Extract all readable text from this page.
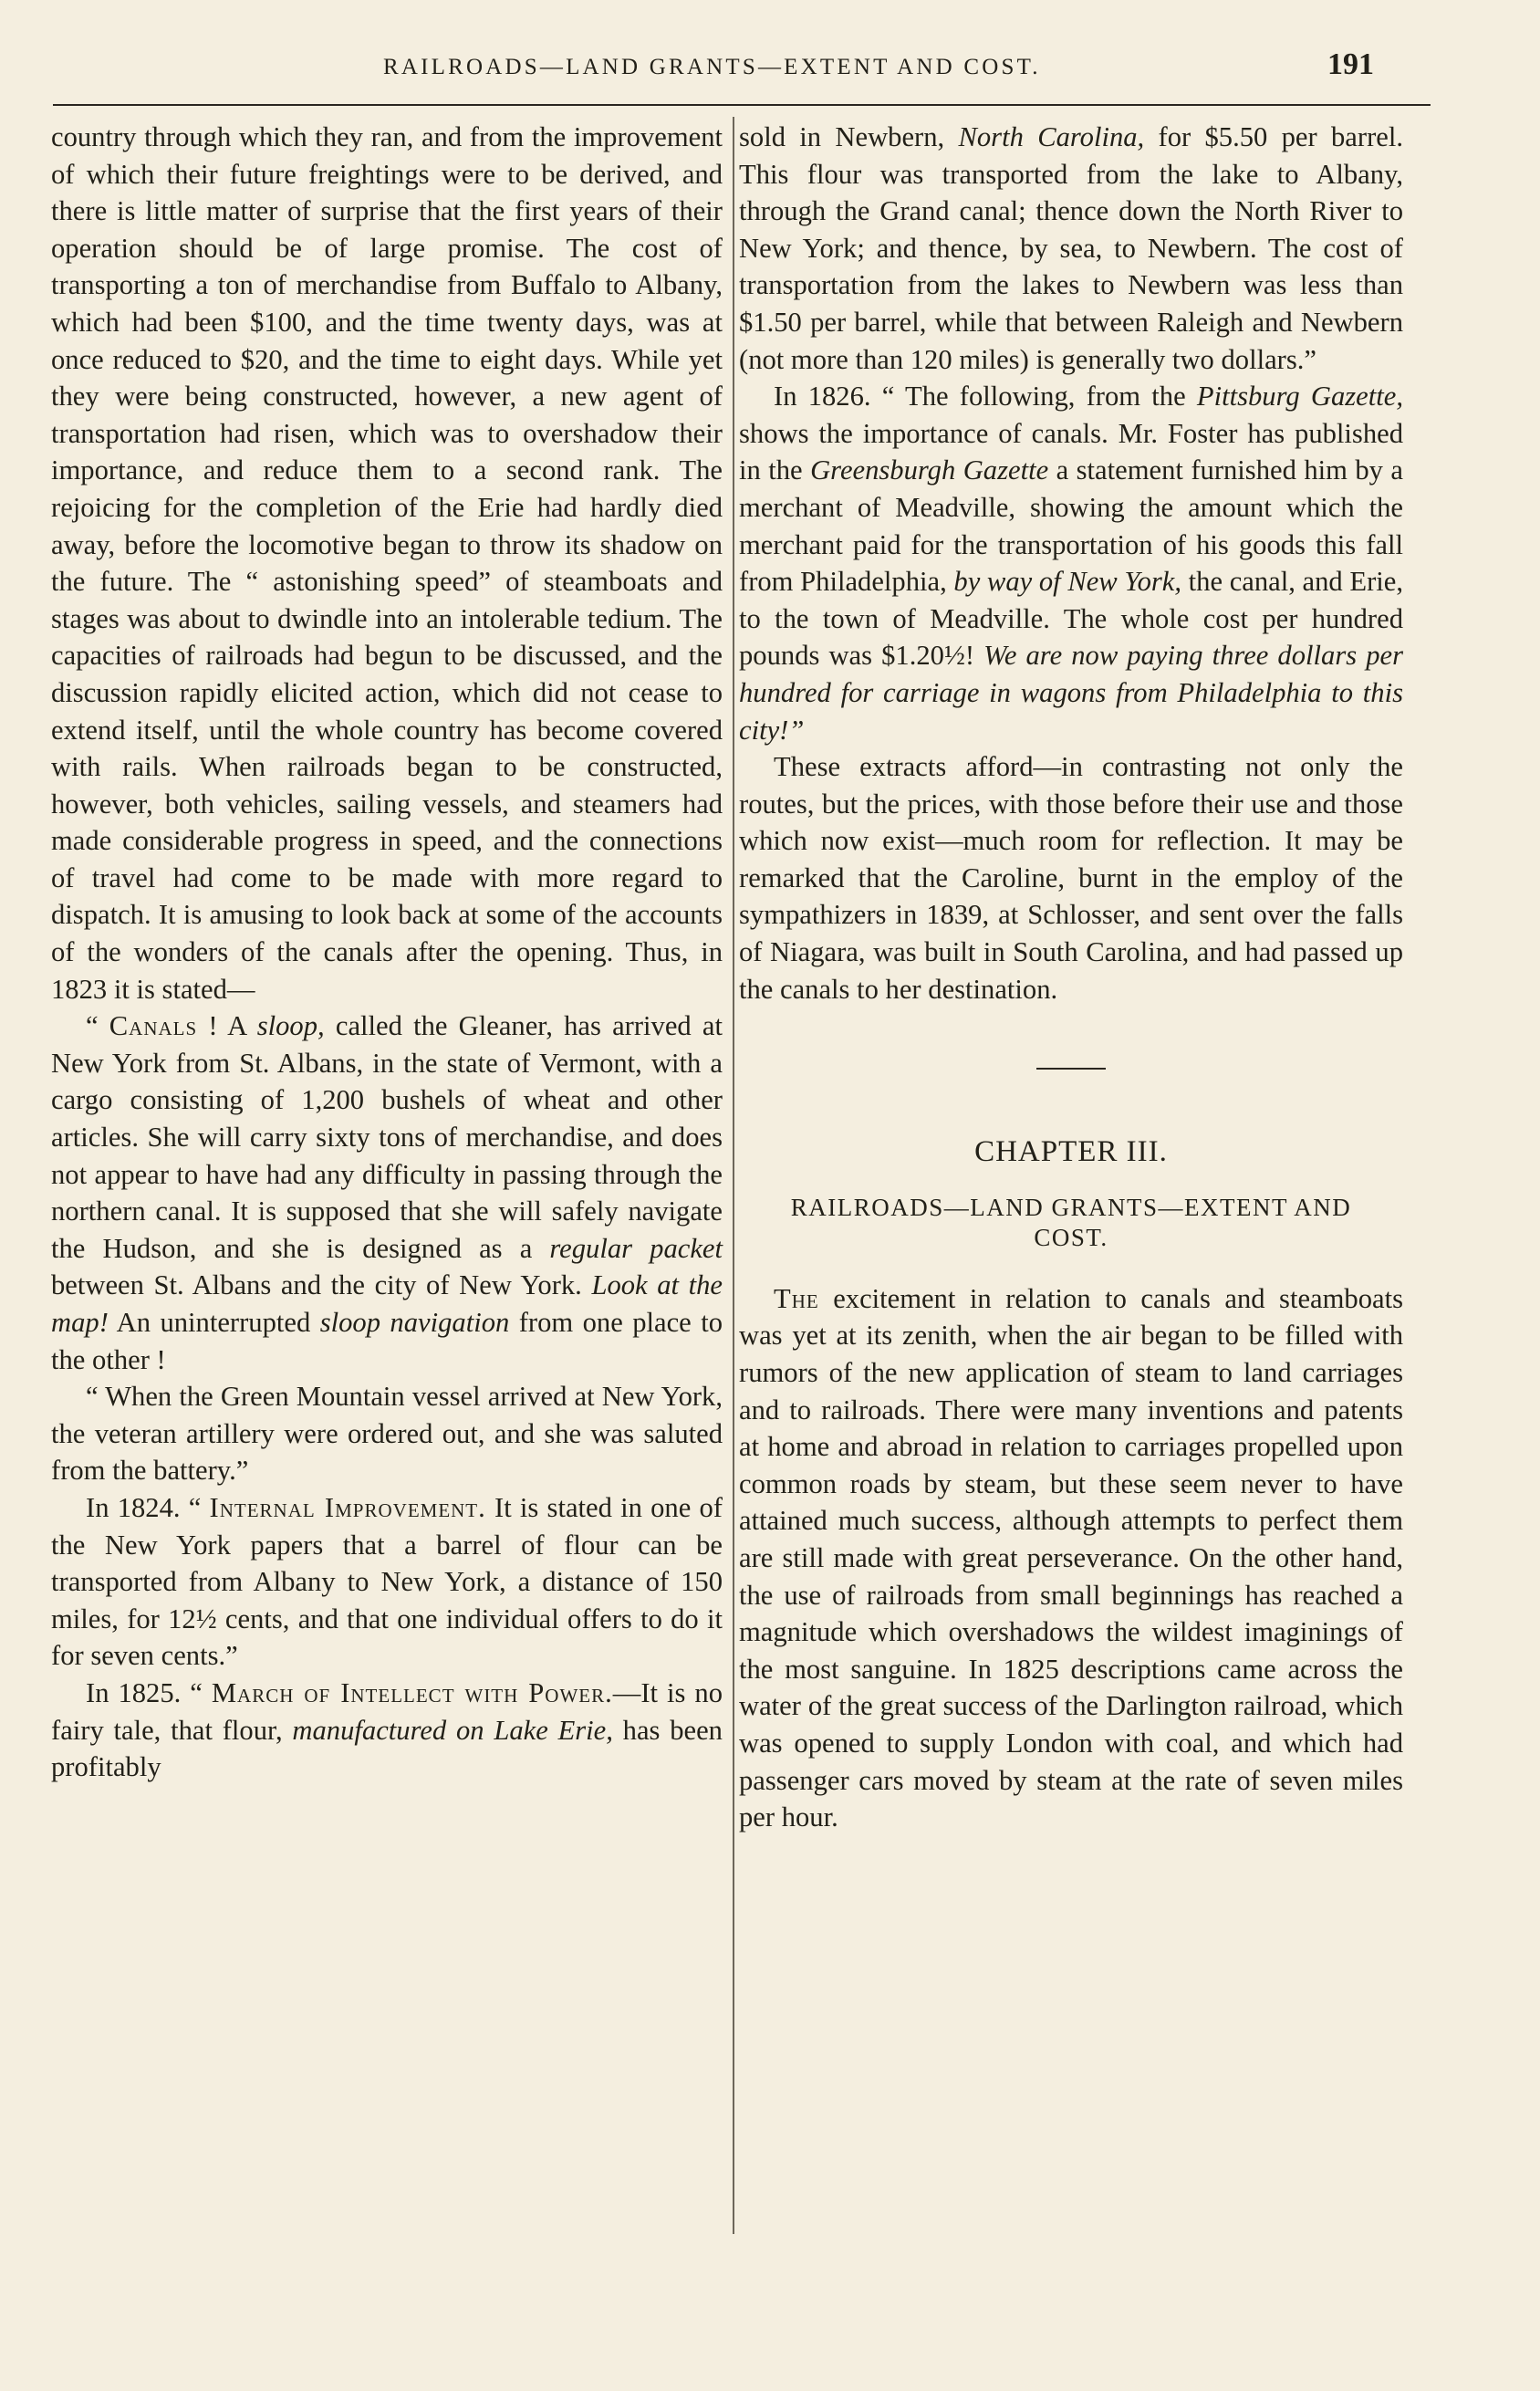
RAILROADS—LAND GRANTS—EXTENT AND COST.	191

country through which they ran, and from the improvement of which their future freightings were to be derived, and there is little matter of surprise that the first years of their operation should be of large promise. The cost of transporting a ton of merchandise from Buffalo to Albany, which had been $100, and the time twenty days, was at once reduced to $20, and the time to eight days. While yet they were being constructed, however, a new agent of transportation had risen, which was to overshadow their importance, and reduce them to a second rank. The rejoicing for the completion of the Erie had hardly died away, before the locomotive began to throw its shadow on the future. The “ astonishing speed” of steamboats and stages was about to dwindle into an intolerable tedium. The capacities of railroads had begun to be discussed, and the discussion rapidly elicited action, which did not cease to extend itself, until the whole country has become covered with rails. When railroads began to be constructed, however, both vehicles, sailing vessels, and steamers had made considerable progress in speed, and the connections of travel had come to be made with more regard to dispatch. It is amusing to look back at some of the accounts of the wonders of the canals after the opening. Thus, in 1823 it is stated—

“ Canals ! A sloop, called the Gleaner, has arrived at New York from St. Albans, in the state of Vermont, with a cargo consisting of 1,200 bushels of wheat and other articles. She will carry sixty tons of merchandise, and does not appear to have had any difficulty in passing through the northern canal. It is supposed that she will safely navigate the Hudson, and she is designed as a regular packet between St. Albans and the city of New York. Look at the map! An uninterrupted sloop navigation from one place to the other !

“ When the Green Mountain vessel arrived at New York, the veteran artillery were ordered out, and she was saluted from the battery.”

In 1824. “ Internal Improvement. It is stated in one of the New York papers that a barrel of flour can be transported from Albany to New York, a distance of 150 miles, for 12½ cents, and that one individual offers to do it for seven cents.”

In 1825. “ March of Intellect with Power.—It is no fairy tale, that flour, manufactured on Lake Erie, has been profitably

sold in Newbern, North Carolina, for $5.50 per barrel. This flour was transported from the lake to Albany, through the Grand canal; thence down the North River to New York; and thence, by sea, to Newbern. The cost of transportation from the lakes to Newbern was less than $1.50 per barrel, while that between Raleigh and Newbern (not more than 120 miles) is generally two dollars.”

In 1826. “ The following, from the Pittsburg Gazette, shows the importance of canals. Mr. Foster has published in the Greensburgh Gazette a statement furnished him by a merchant of Meadville, showing the amount which the merchant paid for the transportation of his goods this fall from Philadelphia, by way of New York, the canal, and Erie, to the town of Meadville. The whole cost per hundred pounds was $1.20½! We are now paying three dollars per hundred for carriage in wagons from Philadelphia to this city!”

These extracts afford—in contrasting not only the routes, but the prices, with those before their use and those which now exist—much room for reflection. It may be remarked that the Caroline, burnt in the employ of the sympathizers in 1839, at Schlosser, and sent over the falls of Niagara, was built in South Carolina, and had passed up the canals to her destination.

CHAPTER III.
RAILROADS—LAND GRANTS—EXTENT AND COST.

The excitement in relation to canals and steamboats was yet at its zenith, when the air began to be filled with rumors of the new application of steam to land carriages and to railroads. There were many inventions and patents at home and abroad in relation to carriages propelled upon common roads by steam, but these seem never to have attained much success, although attempts to perfect them are still made with great perseverance. On the other hand, the use of railroads from small beginnings has reached a magnitude which overshadows the wildest imaginings of the most sanguine. In 1825 descriptions came across the water of the great success of the Darlington railroad, which was opened to supply London with coal, and which had passenger cars moved by steam at the rate of seven miles per hour.
